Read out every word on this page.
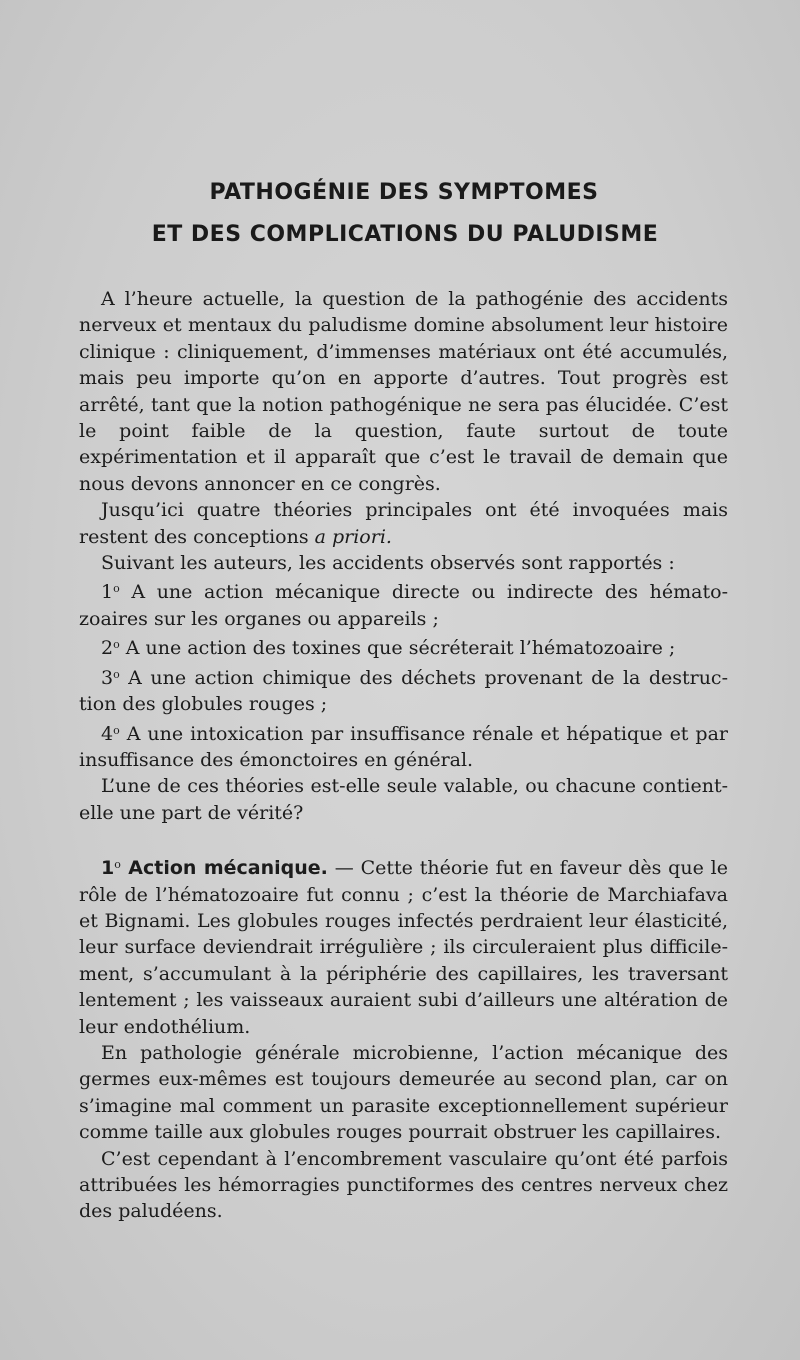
PATHOGÉNIE DES SYMPTOMES
ET DES COMPLICATIONS DU PALUDISME

A l’heure actuelle, la question de la pathogénie des accidents nerveux et mentaux du paludisme domine absolument leur histoire clinique : cliniquement, d’immenses matériaux ont été accumulés, mais peu importe qu’on en apporte d’autres. Tout progrès est arrêté, tant que la notion pathogénique ne sera pas élucidée. C’est le point faible de la question, faute surtout de toute expérimentation et il apparaît que c’est le travail de demain que nous devons annoncer en ce congrès.

Jusqu’ici quatre théories principales ont été invoquées mais restent des conceptions a priori.

Suivant les auteurs, les accidents observés sont rapportés :

1$^o$ A une action mécanique directe ou indirecte des hémato-zoaires sur les organes ou appareils ;

2$^o$ A une action des toxines que sécréterait l’hématozoaire ;

3$^o$ A une action chimique des déchets provenant de la destruc-tion des globules rouges ;

4$^o$ A une intoxication par insuffisance rénale et hépatique et par insuffisance des émonctoires en général.

L’une de ces théories est-elle seule valable, ou chacune contient-elle une part de vérité?

1$^o$ Action mécanique. — Cette théorie fut en faveur dès que le rôle de l’hématozoaire fut connu ; c’est la théorie de Marchiafava et Bignami. Les globules rouges infectés perdraient leur élasticité, leur surface deviendrait irrégulière ; ils circuleraient plus difficile-ment, s’accumulant à la périphérie des capillaires, les traversant lentement ; les vaisseaux auraient subi d’ailleurs une altération de leur endothélium.

En pathologie générale microbienne, l’action mécanique des germes eux-mêmes est toujours demeurée au second plan, car on s’imagine mal comment un parasite exceptionnellement supérieur comme taille aux globules rouges pourrait obstruer les capillaires.

C’est cependant à l’encombrement vasculaire qu’ont été parfois attribuées les hémorragies punctiformes des centres nerveux chez des paludéens.
